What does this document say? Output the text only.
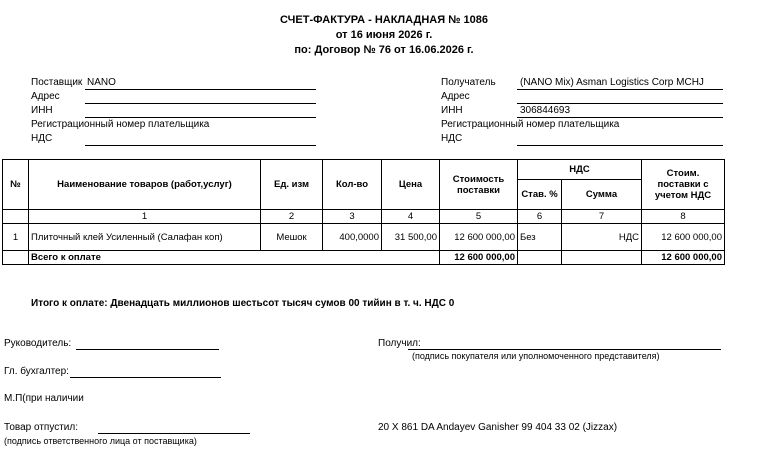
СЧЕТ-ФАКТУРА - НАКЛАДНАЯ № 1086
от 16 июня 2026 г.
по: Договор № 76 от 16.06.2026 г.
Поставщик NANO
Адрес
ИНН
Регистрационный номер плательщика
НДС
Получатель (NANO Mix) Asman Logistics Corp MCHJ
Адрес
ИНН	306844693
Регистрационный номер плательщика
НДС
№	Наименование товаров (работ,услуг)	Ед. изм	Кол-во	Цена	Стоимость поставки	НДС		Стоим. поставки с учетом НДС
						Став. %	Сумма	
	1	2	3	4	5	6	7	8
1	Плиточный клей Усиленный (Салафан коп)	Мешок	400,0000	31 500,00	12 600 000,00	Без	НДС	12 600 000,00
	Всего к оплате				12 600 000,00			12 600 000,00
Итого к оплате: Двенадцать миллионов шестьсот тысяч сумов 00 тийин в т. ч. НДС 0
Руководитель:
Гл. бухгалтер:
М.П(при наличии
Товар отпустил:
(подпись ответственного лица от поставщика)
Получил:
(подпись покупателя или уполномоченного представителя)
20 X 861 DA Andayev Ganisher 99 404 33 02 (Jizzax)
